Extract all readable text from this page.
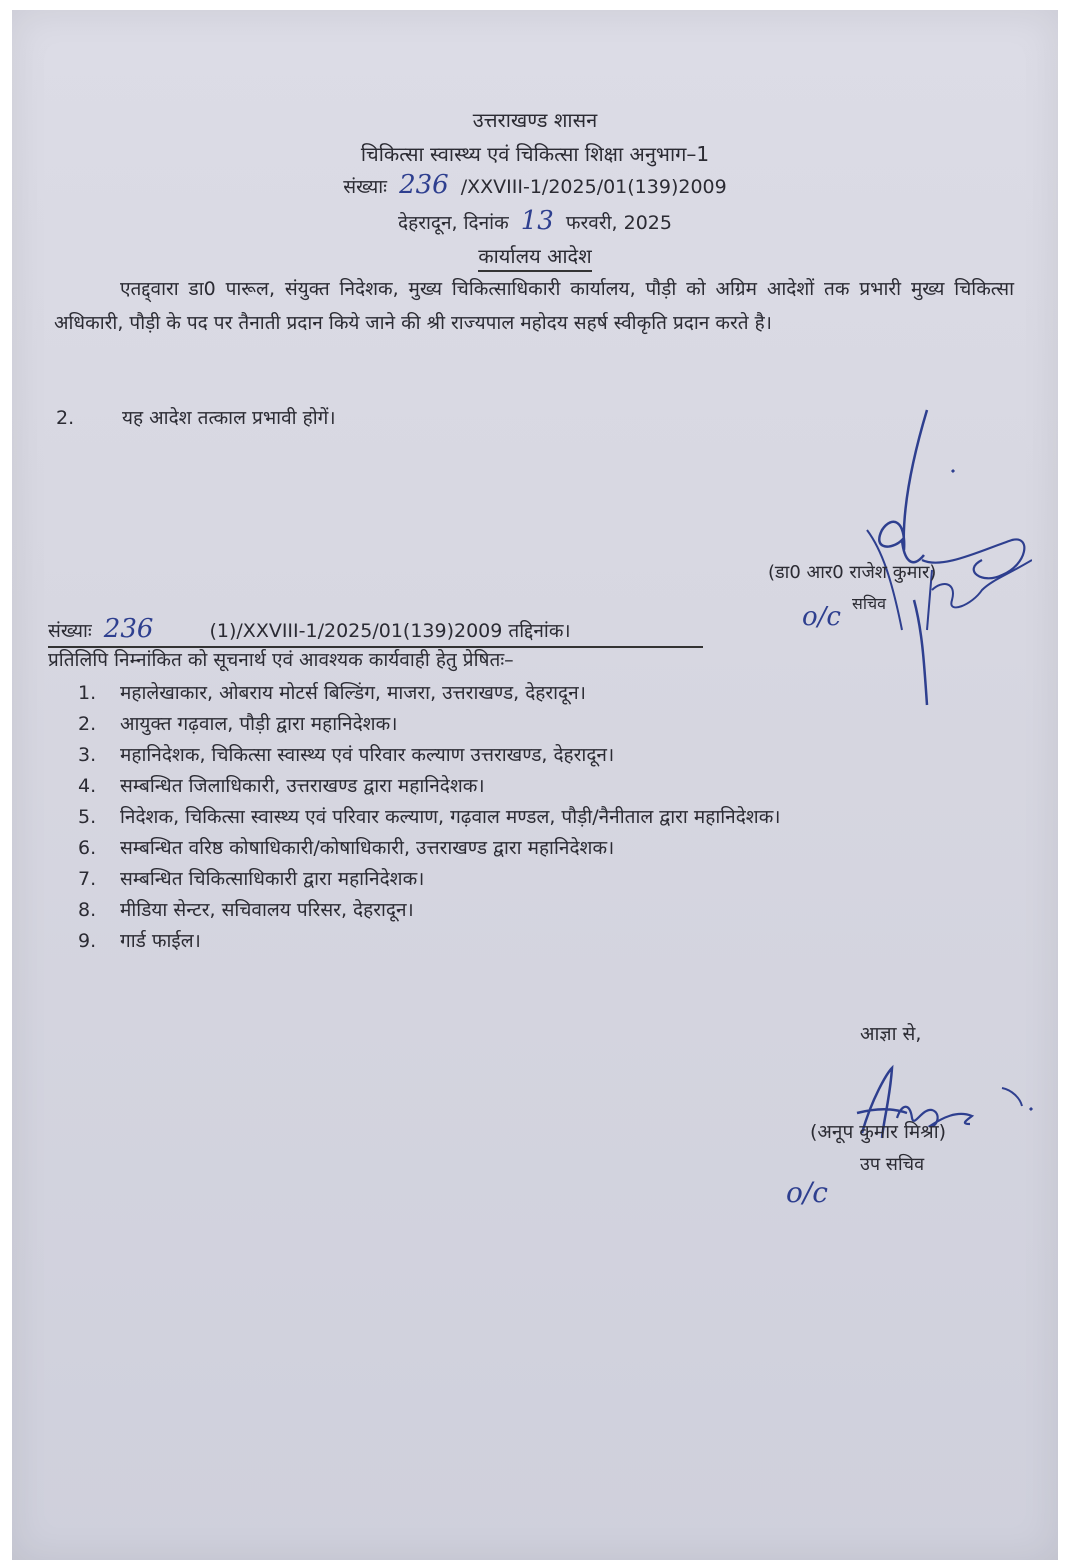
उत्तराखण्ड शासन
चिकित्सा स्वास्थ्य एवं चिकित्सा शिक्षा अनुभाग–1
संख्याः 236 /XXVIII-1/2025/01(139)2009
देहरादून, दिनांक 13 फरवरी, 2025
कार्यालय आदेश
एतद्द्वारा डा0 पारूल, संयुक्त निदेशक, मुख्य चिकित्साधिकारी कार्यालय, पौड़ी को अग्रिम आदेशों तक प्रभारी मुख्य चिकित्सा अधिकारी, पौड़ी के पद पर तैनाती प्रदान किये जाने की श्री राज्यपाल महोदय सहर्ष स्वीकृति प्रदान करते है।
2.	यह आदेश तत्काल प्रभावी होगें।
(डा0 आर0 राजेश कुमार)
सचिव
o/c
संख्याः 236	(1)/XXVIII-1/2025/01(139)2009 तद्दिनांक।
प्रतिलिपि निम्नांकित को सूचनार्थ एवं आवश्यक कार्यवाही हेतु प्रेषितः–
1. महालेखाकार, ओबराय मोटर्स बिल्डिंग, माजरा, उत्तराखण्ड, देहरादून।
2. आयुक्त गढ़वाल, पौड़ी द्वारा महानिदेशक।
3. महानिदेशक, चिकित्सा स्वास्थ्य एवं परिवार कल्याण उत्तराखण्ड, देहरादून।
4. सम्बन्धित जिलाधिकारी, उत्तराखण्ड द्वारा महानिदेशक।
5. निदेशक, चिकित्सा स्वास्थ्य एवं परिवार कल्याण, गढ़वाल मण्डल, पौड़ी/नैनीताल द्वारा महानिदेशक।
6. सम्बन्धित वरिष्ठ कोषाधिकारी/कोषाधिकारी, उत्तराखण्ड द्वारा महानिदेशक।
7. सम्बन्धित चिकित्साधिकारी द्वारा महानिदेशक।
8. मीडिया सेन्टर, सचिवालय परिसर, देहरादून।
9. गार्ड फाईल।
आज्ञा से,
(अनूप कुमार मिश्रा)
उप सचिव
o/c
